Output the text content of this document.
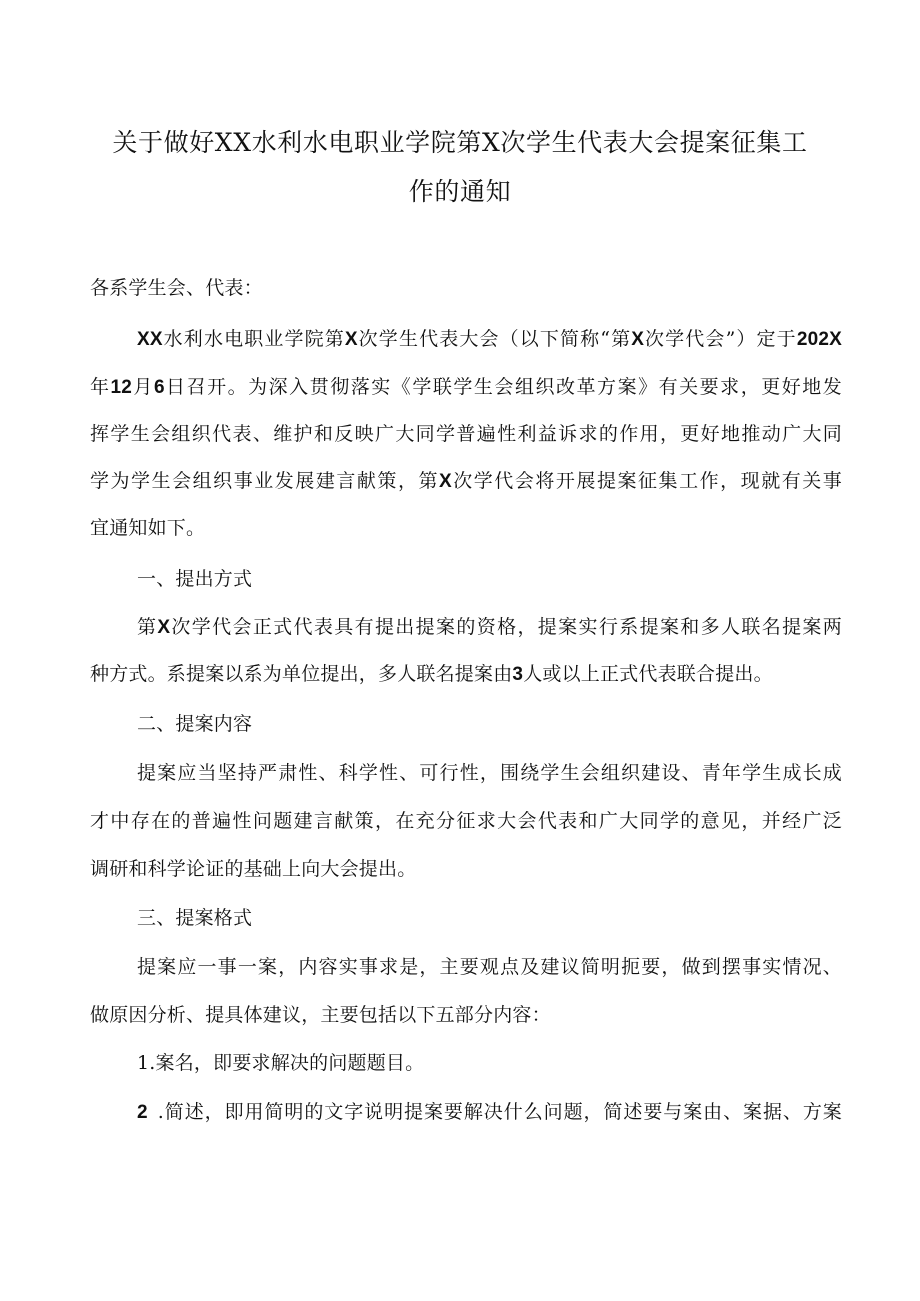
关于做好XX水利水电职业学院第X次学生代表大会提案征集工
作的通知
各系学生会、代表：
XX水利水电职业学院第X次学生代表大会（以下简称“第X次学代会”）定于202X
年12月6日召开。为深入贯彻落实《学联学生会组织改革方案》有关要求，更好地发
挥学生会组织代表、维护和反映广大同学普遍性利益诉求的作用，更好地推动广大同
学为学生会组织事业发展建言献策，第X次学代会将开展提案征集工作，现就有关事
宜通知如下。
一、提出方式
第X次学代会正式代表具有提出提案的资格，提案实行系提案和多人联名提案两
种方式。系提案以系为单位提出，多人联名提案由3人或以上正式代表联合提出。
二、提案内容
提案应当坚持严肃性、科学性、可行性，围绕学生会组织建设、青年学生成长成
才中存在的普遍性问题建言献策，在充分征求大会代表和广大同学的意见，并经广泛
调研和科学论证的基础上向大会提出。
三、提案格式
提案应一事一案，内容实事求是，主要观点及建议简明扼要，做到摆事实情况、
做原因分析、提具体建议，主要包括以下五部分内容：
1.案名，即要求解决的问题题目。
2 .简述，即用简明的文字说明提案要解决什么问题，简述要与案由、案据、方案
